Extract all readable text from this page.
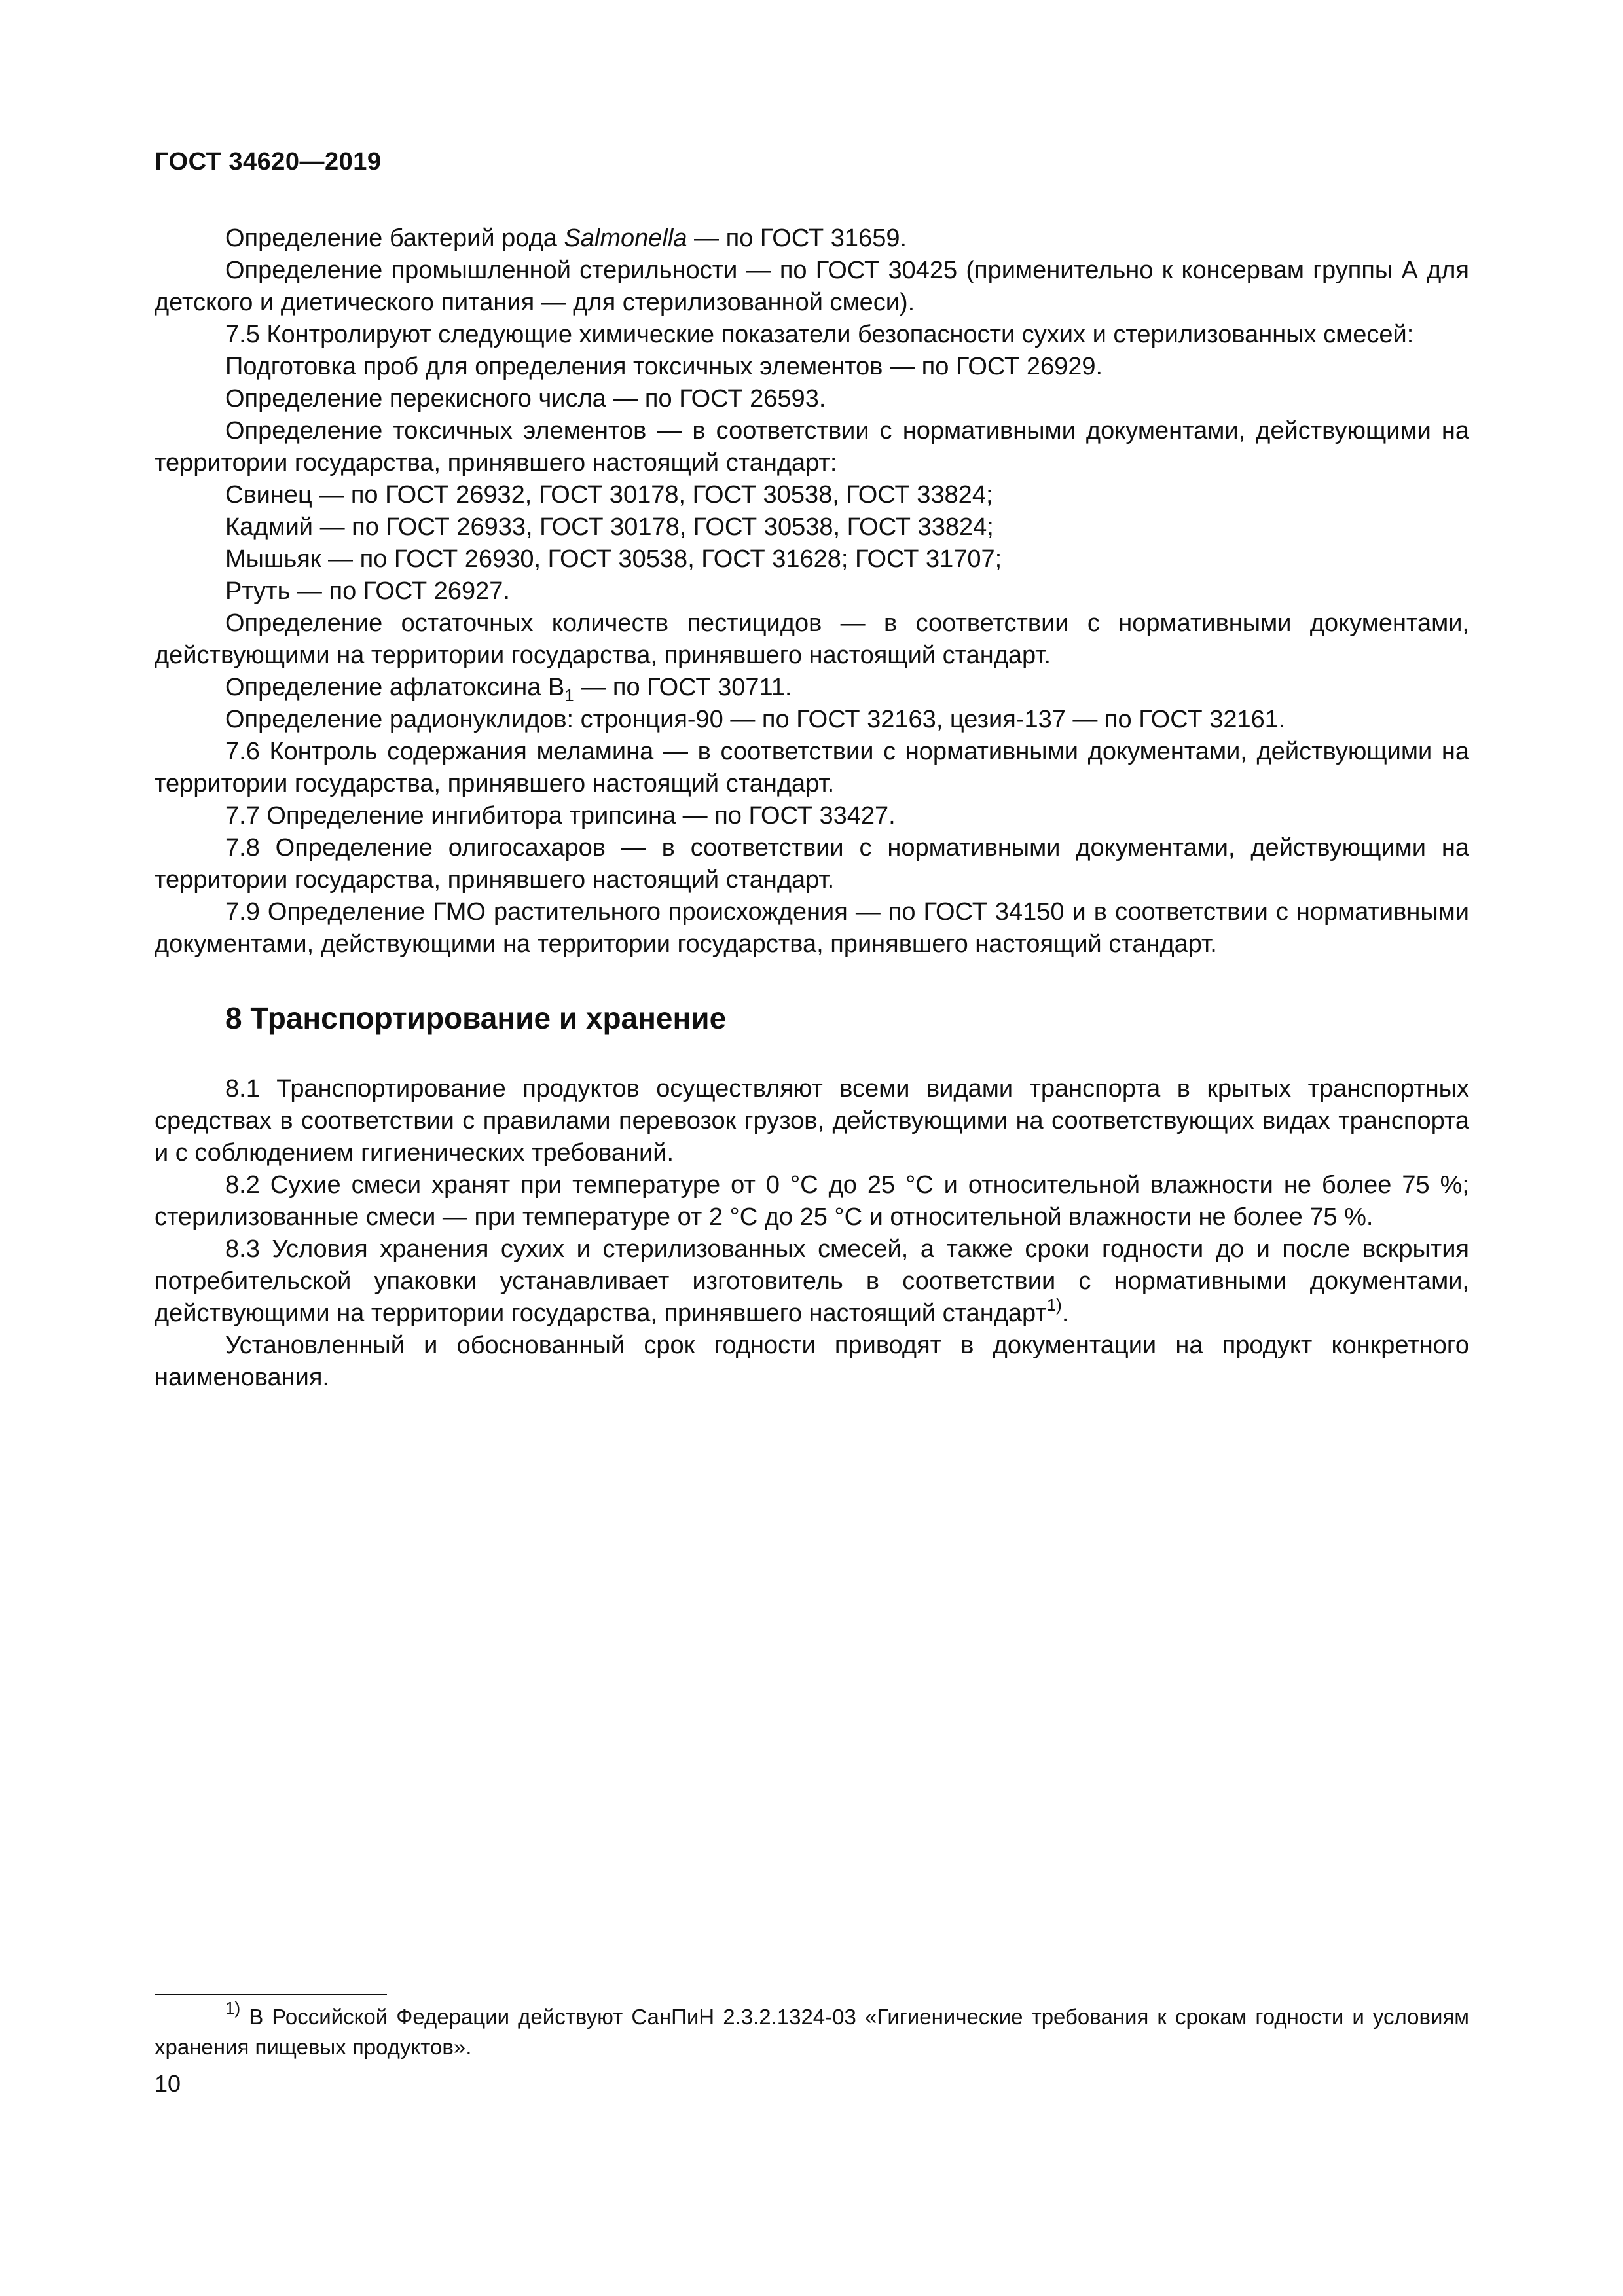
ГОСТ 34620—2019

Определение бактерий рода Salmonella — по ГОСТ 31659.

Определение промышленной стерильности — по ГОСТ 30425 (применительно к консервам группы А для детского и диетического питания — для стерилизованной смеси).

7.5 Контролируют следующие химические показатели безопасности сухих и стерилизованных смесей:

Подготовка проб для определения токсичных элементов — по ГОСТ 26929.

Определение перекисного числа — по ГОСТ 26593.

Определение токсичных элементов — в соответствии с нормативными документами, действующими на территории государства, принявшего настоящий стандарт:

Свинец — по ГОСТ 26932, ГОСТ 30178, ГОСТ 30538, ГОСТ 33824;

Кадмий — по ГОСТ 26933, ГОСТ 30178, ГОСТ 30538, ГОСТ 33824;

Мышьяк — по ГОСТ 26930, ГОСТ 30538, ГОСТ 31628; ГОСТ 31707;

Ртуть — по ГОСТ 26927.

Определение остаточных количеств пестицидов — в соответствии с нормативными документами, действующими на территории государства, принявшего настоящий стандарт.

Определение афлатоксина $В_1$ — по ГОСТ 30711.

Определение радионуклидов: стронция-90 — по ГОСТ 32163, цезия-137 — по ГОСТ 32161.

7.6 Контроль содержания меламина — в соответствии с нормативными документами, действующими на территории государства, принявшего настоящий стандарт.

7.7 Определение ингибитора трипсина — по ГОСТ 33427.

7.8 Определение олигосахаров — в соответствии с нормативными документами, действующими на территории государства, принявшего настоящий стандарт.

7.9 Определение ГМО растительного происхождения — по ГОСТ 34150 и в соответствии с нормативными документами, действующими на территории государства, принявшего настоящий стандарт.

8 Транспортирование и хранение

8.1 Транспортирование продуктов осуществляют всеми видами транспорта в крытых транспортных средствах в соответствии с правилами перевозок грузов, действующими на соответствующих видах транспорта и с соблюдением гигиенических требований.

8.2 Сухие смеси хранят при температуре от 0 °С до 25 °С и относительной влажности не более 75 %; стерилизованные смеси — при температуре от 2 °С до 25 °С и относительной влажности не более 75 %.

8.3 Условия хранения сухих и стерилизованных смесей, а также сроки годности до и после вскрытия потребительской упаковки устанавливает изготовитель в соответствии с нормативными документами, действующими на территории государства, принявшего настоящий стандарт$^{1)}$.

Установленный и обоснованный срок годности приводят в документации на продукт конкретного наименования.

$^{1)}$ В Российской Федерации действуют СанПиН 2.3.2.1324-03 «Гигиенические требования к срокам годности и условиям хранения пищевых продуктов».

10
